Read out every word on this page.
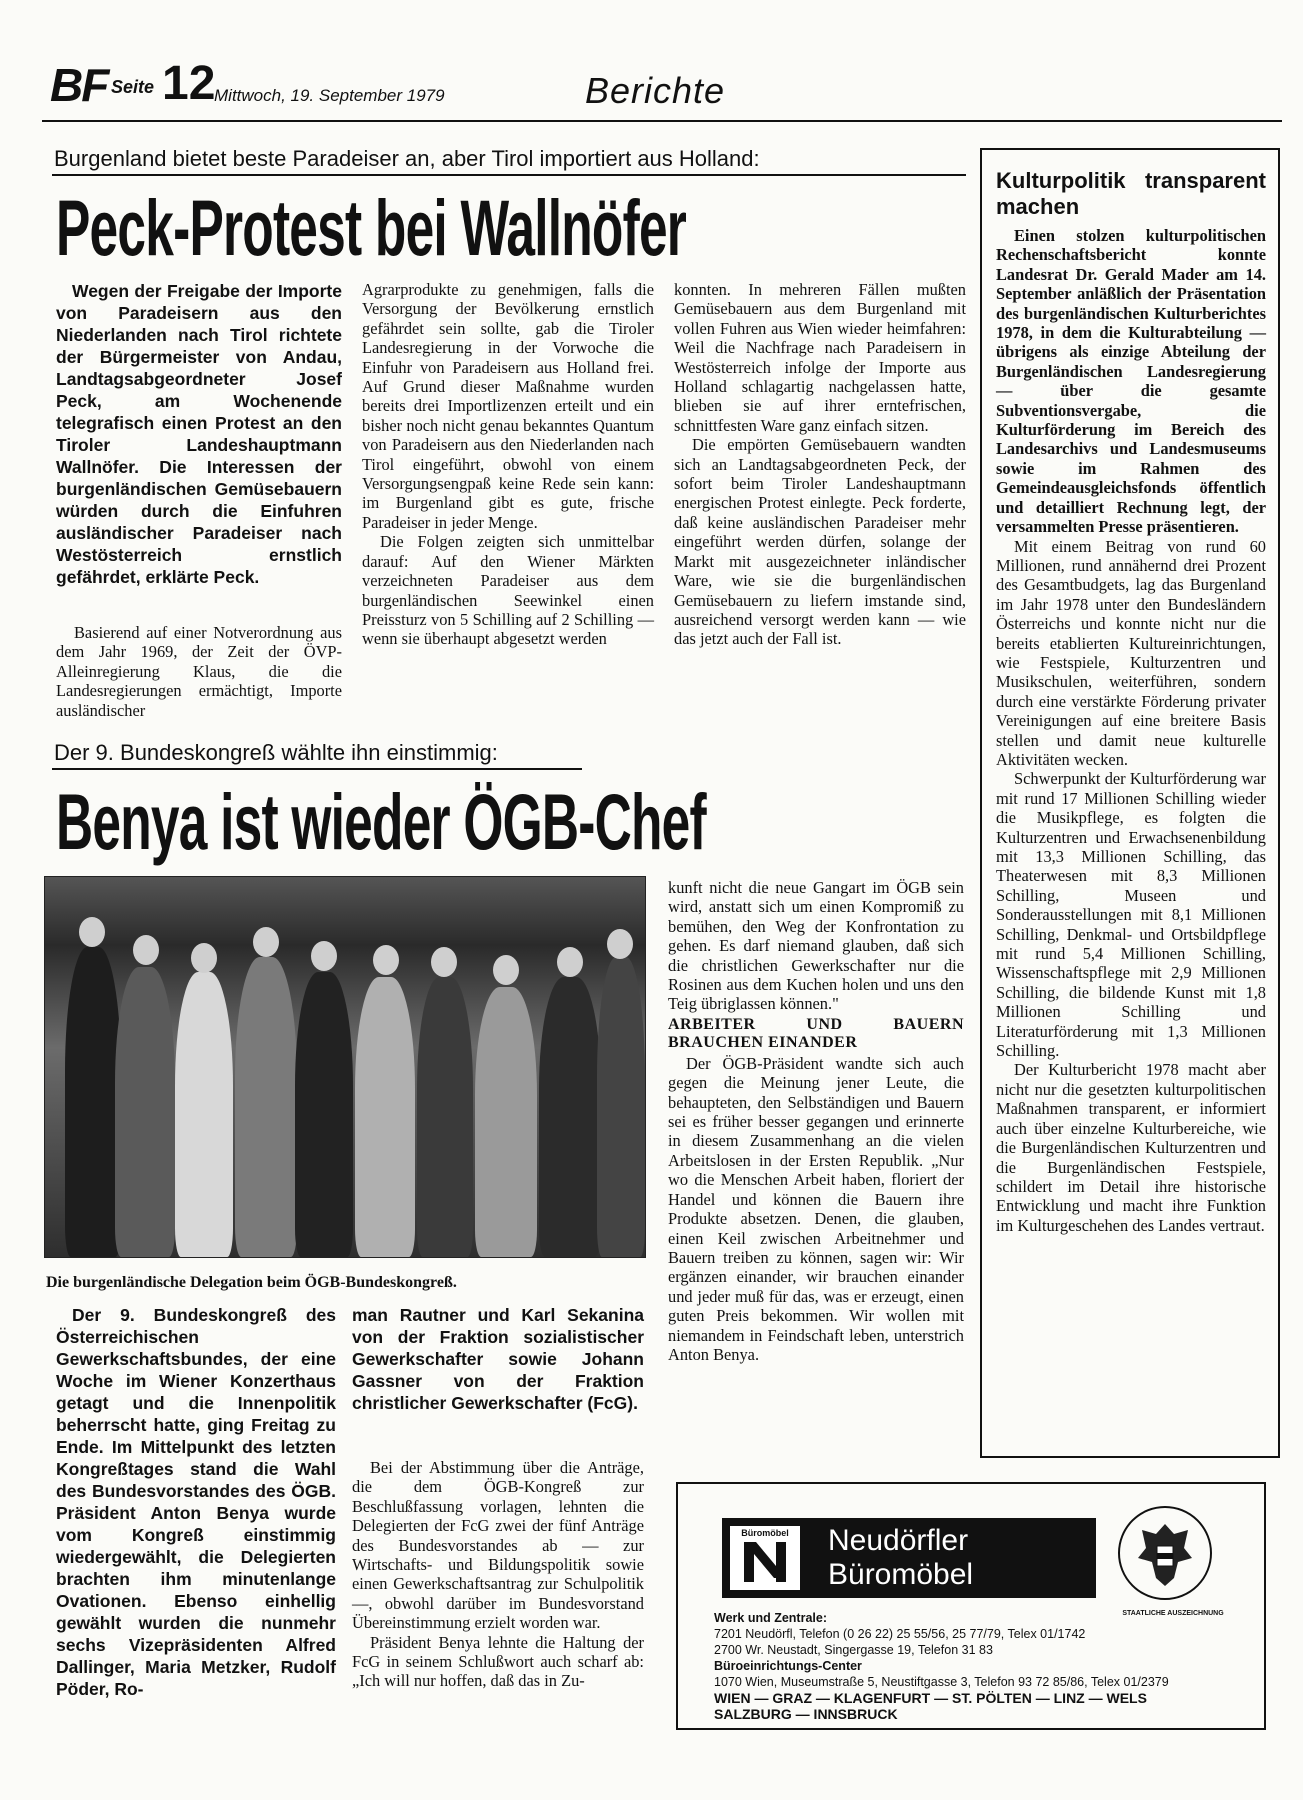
BF Seite 12
Mittwoch, 19. September 1979	Berichte
Burgenland bietet beste Paradeiser an, aber Tirol importiert aus Holland:
Peck-Protest bei Wallnöfer
Wegen der Freigabe der Importe von Paradeisern aus den Niederlanden nach Tirol richtete der Bürgermeister von Andau, Landtagsabgeordneter Josef Peck, am Wochenende telegrafisch einen Protest an den Tiroler Landeshauptmann Wallnöfer. Die Interessen der burgenländischen Gemüsebauern würden durch die Einfuhren ausländischer Paradeiser nach Westösterreich ernstlich gefährdet, erklärte Peck.

Basierend auf einer Notverordnung aus dem Jahr 1969, der Zeit der ÖVP-Alleinregierung Klaus, die die Landesregierungen ermächtigt, Importe ausländischer

Agrarprodukte zu genehmigen, falls die Versorgung der Bevölkerung ernstlich gefährdet sein sollte, gab die Tiroler Landesregierung in der Vorwoche die Einfuhr von Paradeisern aus Holland frei. Auf Grund dieser Maßnahme wurden bereits drei Importlizenzen erteilt und ein bisher noch nicht genau bekanntes Quantum von Paradeisern aus den Niederlanden nach Tirol eingeführt, obwohl von einem Versorgungsengpaß keine Rede sein kann: im Burgenland gibt es gute, frische Paradeiser in jeder Menge.

Die Folgen zeigten sich unmittelbar darauf: Auf den Wiener Märkten verzeichneten Paradeiser aus dem burgenländischen Seewinkel einen Preissturz von 5 Schilling auf 2 Schilling — wenn sie überhaupt abgesetzt werden

konnten. In mehreren Fällen mußten Gemüsebauern aus dem Burgenland mit vollen Fuhren aus Wien wieder heimfahren: Weil die Nachfrage nach Paradeisern in Westösterreich infolge der Importe aus Holland schlagartig nachgelassen hatte, blieben sie auf ihrer erntefrischen, schnittfesten Ware ganz einfach sitzen.

Die empörten Gemüsebauern wandten sich an Landtagsabgeordneten Peck, der sofort beim Tiroler Landeshauptmann energischen Protest einlegte. Peck forderte, daß keine ausländischen Paradeiser mehr eingeführt werden dürfen, solange der Markt mit ausgezeichneter inländischer Ware, wie sie die burgenländischen Gemüsebauern zu liefern imstande sind, ausreichend versorgt werden kann — wie das jetzt auch der Fall ist.

Der 9. Bundeskongreß wählte ihn einstimmig:
Benya ist wieder ÖGB-Chef
Die burgenländische Delegation beim ÖGB-Bundeskongreß.
Der 9. Bundeskongreß des Österreichischen Gewerkschaftsbundes, der eine Woche im Wiener Konzerthaus getagt und die Innenpolitik beherrscht hatte, ging Freitag zu Ende. Im Mittelpunkt des letzten Kongreßtages stand die Wahl des Bundesvorstandes des ÖGB. Präsident Anton Benya wurde vom Kongreß einstimmig wiedergewählt, die Delegierten brachten ihm minutenlange Ovationen. Ebenso einhellig gewählt wurden die nunmehr sechs Vizepräsidenten Alfred Dallinger, Maria Metzker, Rudolf Pöder, Ro-
man Rautner und Karl Sekanina von der Fraktion sozialistischer Gewerkschafter sowie Johann Gassner von der Fraktion christlicher Gewerkschafter (FcG).

Bei der Abstimmung über die Anträge, die dem ÖGB-Kongreß zur Beschlußfassung vorlagen, lehnten die Delegierten der FcG zwei der fünf Anträge des Bundesvorstandes ab — zur Wirtschafts- und Bildungspolitik sowie einen Gewerkschaftsantrag zur Schulpolitik —, obwohl darüber im Bundesvorstand Übereinstimmung erzielt worden war.

Präsident Benya lehnte die Haltung der FcG in seinem Schlußwort auch scharf ab: „Ich will nur hoffen, daß das in Zu-

kunft nicht die neue Gangart im ÖGB sein wird, anstatt sich um einen Kompromiß zu bemühen, den Weg der Konfrontation zu gehen. Es darf niemand glauben, daß sich die christlichen Gewerkschafter nur die Rosinen aus dem Kuchen holen und uns den Teig übriglassen können."

ARBEITER UND BAUERN BRAUCHEN EINANDER

Der ÖGB-Präsident wandte sich auch gegen die Meinung jener Leute, die behaupteten, den Selbständigen und Bauern sei es früher besser gegangen und erinnerte in diesem Zusammenhang an die vielen Arbeitslosen in der Ersten Republik. „Nur wo die Menschen Arbeit haben, floriert der Handel und können die Bauern ihre Produkte absetzen. Denen, die glauben, einen Keil zwischen Arbeitnehmer und Bauern treiben zu können, sagen wir: Wir ergänzen einander, wir brauchen einander und jeder muß für das, was er erzeugt, einen guten Preis bekommen. Wir wollen mit niemandem in Feindschaft leben, unterstrich Anton Benya.

Kulturpolitik transparent machen

Einen stolzen kulturpolitischen Rechenschaftsbericht konnte Landesrat Dr. Gerald Mader am 14. September anläßlich der Präsentation des burgenländischen Kulturberichtes 1978, in dem die Kulturabteilung — übrigens als einzige Abteilung der Burgenländischen Landesregierung — über die gesamte Subventionsvergabe, die Kulturförderung im Bereich des Landesarchivs und Landesmuseums sowie im Rahmen des Gemeindeausgleichsfonds öffentlich und detailliert Rechnung legt, der versammelten Presse präsentieren.

Mit einem Beitrag von rund 60 Millionen, rund annähernd drei Prozent des Gesamtbudgets, lag das Burgenland im Jahr 1978 unter den Bundesländern Österreichs und konnte nicht nur die bereits etablierten Kultureinrichtungen, wie Festspiele, Kulturzentren und Musikschulen, weiterführen, sondern durch eine verstärkte Förderung privater Vereinigungen auf eine breitere Basis stellen und damit neue kulturelle Aktivitäten wecken.

Schwerpunkt der Kulturförderung war mit rund 17 Millionen Schilling wieder die Musikpflege, es folgten die Kulturzentren und Erwachsenenbildung mit 13,3 Millionen Schilling, das Theaterwesen mit 8,3 Millionen Schilling, Museen und Sonderausstellungen mit 8,1 Millionen Schilling, Denkmal- und Ortsbildpflege mit rund 5,4 Millionen Schilling, Wissenschaftspflege mit 2,9 Millionen Schilling, die bildende Kunst mit 1,8 Millionen Schilling und Literaturförderung mit 1,3 Millionen Schilling.

Der Kulturbericht 1978 macht aber nicht nur die gesetzten kulturpolitischen Maßnahmen transparent, er informiert auch über einzelne Kulturbereiche, wie die Burgenländischen Kulturzentren und die Burgenländischen Festspiele, schildert im Detail ihre historische Entwicklung und macht ihre Funktion im Kulturgeschehen des Landes vertraut.

Büromöbel	Neudörfler
Büromöbel
Werk und Zentrale:
7201 Neudörfl, Telefon (0 26 22) 25 55/56, 25 77/79, Telex 01/1742
2700 Wr. Neustadt, Singergasse 19, Telefon 31 83
Büroeinrichtungs-Center
1070 Wien, Museumstraße 5, Neustiftgasse 3, Telefon 93 72 85/86, Telex 01/2379
WIEN — GRAZ — KLAGENFURT — ST. PÖLTEN — LINZ — WELS
SALZBURG — INNSBRUCK
STAATLICHE AUSZEICHNUNG
